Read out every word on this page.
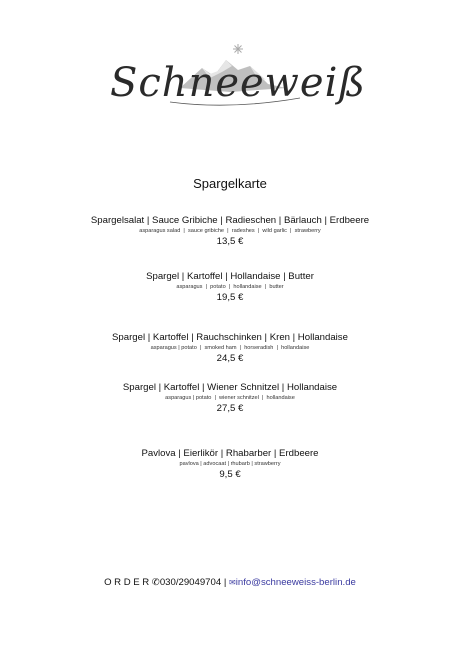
Schneeweiß
Spargelkarte
Spargelsalat | Sauce Gribiche | Radieschen | Bärlauch | Erdbeere
asparagus salad  |  sauce gribiche  |  radeshes  |  wild garlic  |  strawberry
13,5 €
Spargel | Kartoffel | Hollandaise | Butter
asparagus  |  potato  |  hollandaise  |  butter
19,5 €
Spargel | Kartoffel | Rauchschinken | Kren | Hollandaise
asparagus | potato  |  smoked ham  |  horseradish  |  hollandaise
24,5 €
Spargel | Kartoffel | Wiener Schnitzel | Hollandaise
asparagus | potato  |  wiener schnitzel  |  hollandaise
27,5 €
Pavlova | Eierlikör | Rhabarber | Erdbeere
pavlova | advocaat | rhubarb | strawberry
9,5 €
ORDER✆030/29049704 | ✉info@schneeweiss-berlin.de
